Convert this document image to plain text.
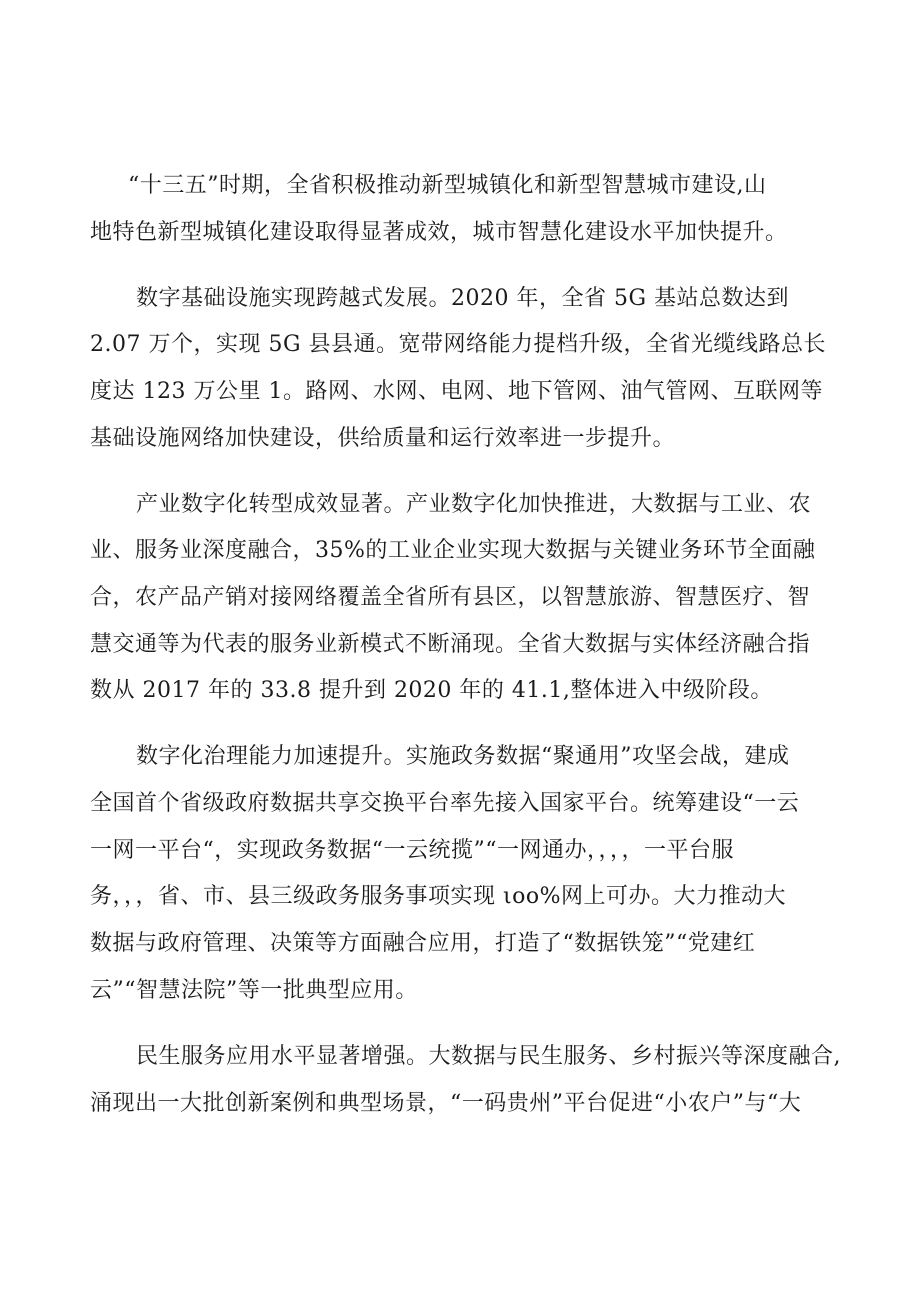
“十三五”时期，全省积极推动新型城镇化和新型智慧城市建设,山
地特色新型城镇化建设取得显著成效，城市智慧化建设水平加快提升。
数字基础设施实现跨越式发展。2020 年，全省 5G 基站总数达到
2.07 万个，实现 5G 县县通。宽带网络能力提档升级，全省光缆线路总长
度达 123 万公里 1。路网、水网、电网、地下管网、油气管网、互联网等
基础设施网络加快建设，供给质量和运行效率进一步提升。
产业数字化转型成效显著。产业数字化加快推进，大数据与工业、农
业、服务业深度融合，35%的工业企业实现大数据与关键业务环节全面融
合，农产品产销对接网络覆盖全省所有县区，以智慧旅游、智慧医疗、智
慧交通等为代表的服务业新模式不断涌现。全省大数据与实体经济融合指
数从 2017 年的 33.8 提升到 2020 年的 41.1,整体进入中级阶段。
数字化治理能力加速提升。实施政务数据“聚通用”攻坚会战，建成
全国首个省级政府数据共享交换平台率先接入国家平台。统筹建设“一云
一网一平台“，实现政务数据“一云统揽”“一网通办，，，，一平台服
务，，，省、市、县三级政务服务事项实现 ιoo%网上可办。大力推动大
数据与政府管理、决策等方面融合应用，打造了“数据铁笼”“党建红
云”“智慧法院”等一批典型应用。
民生服务应用水平显著增强。大数据与民生服务、乡村振兴等深度融合,
涌现出一大批创新案例和典型场景，“一码贵州”平台促进“小农户”与“大
